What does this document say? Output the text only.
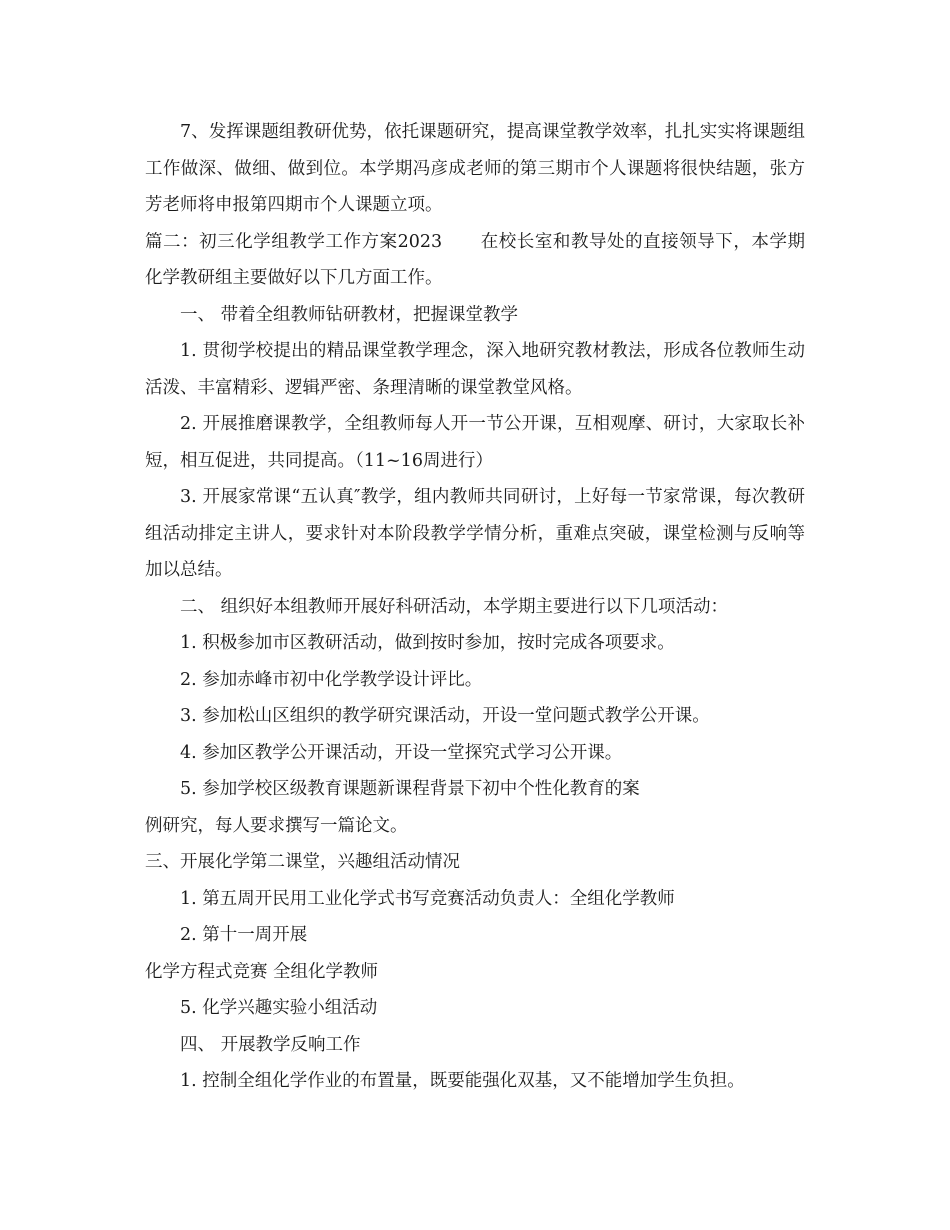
7、发挥课题组教研优势，依托课题研究，提高课堂教学效率，扎扎实实将课题组工作做深、做细、做到位。本学期冯彦成老师的第三期市个人课题将很快结题，张方芳老师将申报第四期市个人课题立项。

篇二：初三化学组教学工作方案2023 在校长室和教导处的直接领导下，本学期化学教研组主要做好以下几方面工作。

一、 带着全组教师钻研教材，把握课堂教学

1. 贯彻学校提出的精品课堂教学理念，深入地研究教材教法，形成各位教师生动活泼、丰富精彩、逻辑严密、条理清晰的课堂教堂风格。

2. 开展推磨课教学，全组教师每人开一节公开课，互相观摩、研讨，大家取长补短，相互促进，共同提高。（11~16周进行）

3. 开展家常课“五认真″教学，组内教师共同研讨，上好每一节家常课，每次教研组活动排定主讲人，要求针对本阶段教学学情分析，重难点突破，课堂检测与反响等加以总结。

二、 组织好本组教师开展好科研活动，本学期主要进行以下几项活动：

1. 积极参加市区教研活动，做到按时参加，按时完成各项要求。

2. 参加赤峰市初中化学教学设计评比。

3. 参加松山区组织的教学研究课活动，开设一堂问题式教学公开课。

4. 参加区教学公开课活动，开设一堂探究式学习公开课。

5. 参加学校区级教育课题新课程背景下初中个性化教育的案

例研究，每人要求撰写一篇论文。

三、开展化学第二课堂，兴趣组活动情况

1. 第五周开民用工业化学式书写竞赛活动负责人：全组化学教师

2. 第十一周开展

化学方程式竞赛 全组化学教师

5. 化学兴趣实验小组活动

四、 开展教学反响工作

1. 控制全组化学作业的布置量，既要能强化双基，又不能增加学生负担。
